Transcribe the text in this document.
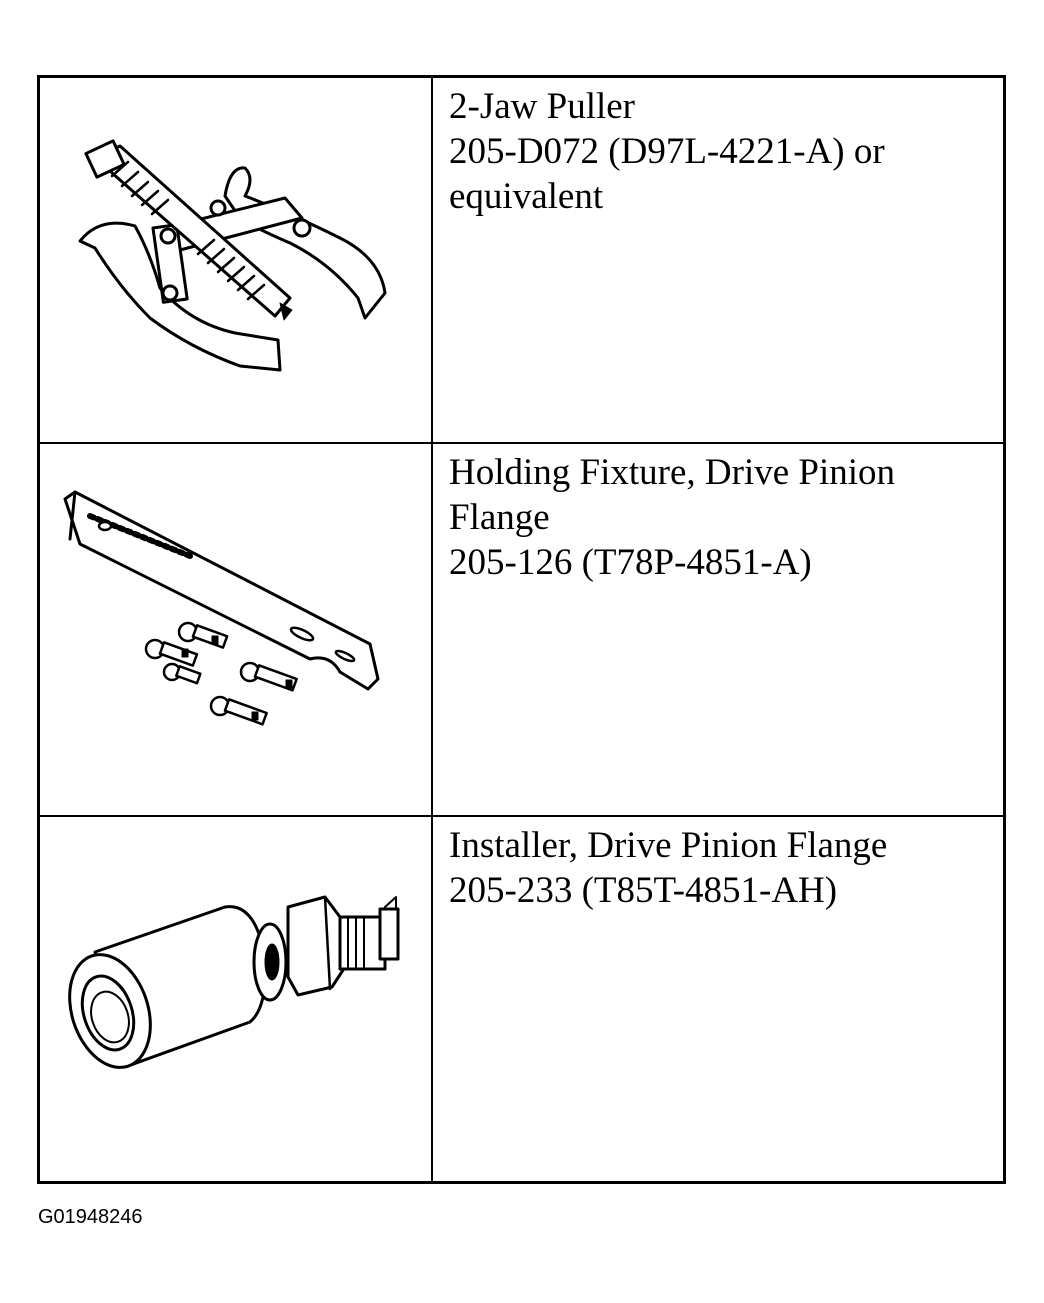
2-Jaw Puller
205-D072 (D97L-4221-A) or
equivalent
Holding Fixture, Drive Pinion
Flange
205-126 (T78P-4851-A)
Installer, Drive Pinion Flange
205-233 (T85T-4851-AH)
G01948246
